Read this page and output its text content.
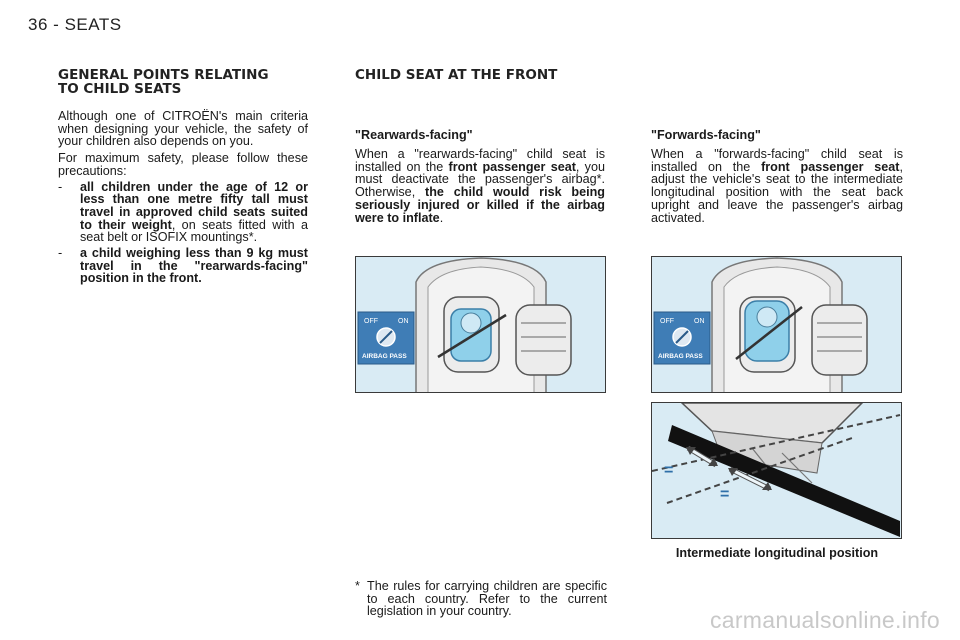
36 - SEATS
GENERAL POINTS RELATING
TO CHILD SEATS

Although one of CITROËN's main criteria when designing your vehicle, the safety of your children also depends on you.

For maximum safety, please follow these precautions:

- all children under the age of 12 or less than one metre fifty tall must travel in approved child seats suited to their weight, on seats fitted with a seat belt or ISOFIX mountings*.
- a child weighing less than 9 kg must travel in the "rearwards-facing" position in the front.
CHILD SEAT AT THE FRONT

"Rearwards-facing"

When a "rearwards-facing" child seat is installed on the front passenger seat, you must deactivate the passenger's airbag*. Otherwise, the child would risk being seriously injured or killed if the airbag were to inflate.

"Forwards-facing"

When a "forwards-facing" child seat is installed on the front passenger seat, adjust the vehicle's seat to the intermediate longitudinal position with the seat back upright and leave the passenger's airbag activated.

OFF	ON
AIRBAG PASS
OFF	ON
AIRBAG PASS
=
=
Intermediate longitudinal position
* The rules for carrying children are specific to each country. Refer to the current legislation in your country.	carmanualsonline.info
